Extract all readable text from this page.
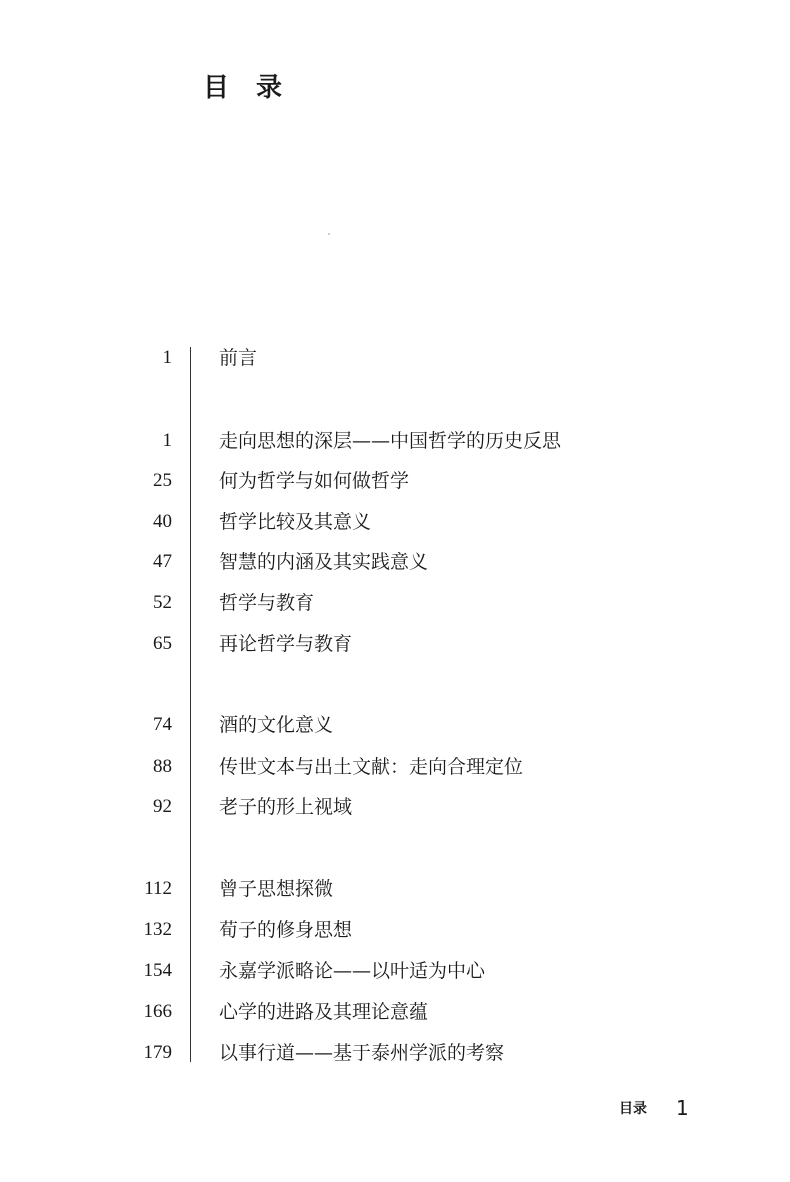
目 录
1 前言
1 走向思想的深层——中国哲学的历史反思
25 何为哲学与如何做哲学
40 哲学比较及其意义
47 智慧的内涵及其实践意义
52 哲学与教育
65 再论哲学与教育
74 酒的文化意义
88 传世文本与出土文献：走向合理定位
92 老子的形上视域
112 曾子思想探微
132 荀子的修身思想
154 永嘉学派略论——以叶适为中心
166 心学的进路及其理论意蕴
179 以事行道——基于泰州学派的考察
目录 1
